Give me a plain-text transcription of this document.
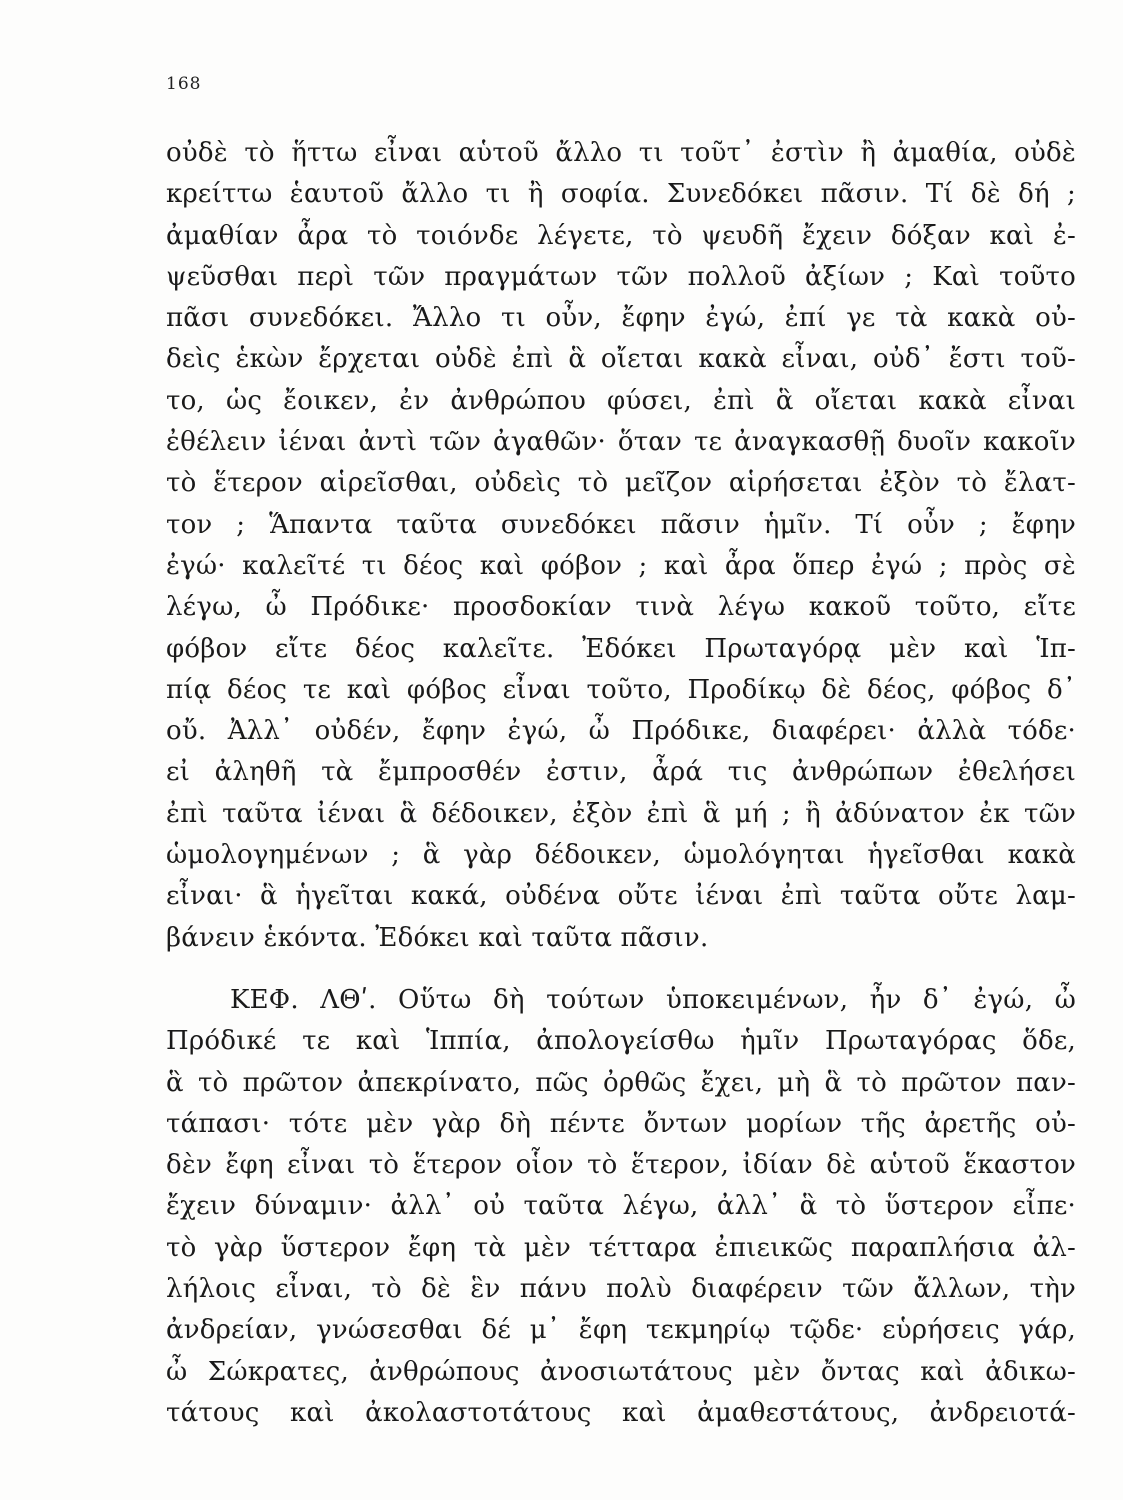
168
οὐδὲ τὸ ἥττω εἶναι αὑτοῦ ἄλλο τι τοῦτ᾽ ἐστὶν ἢ ἀμαθία, οὐδὲ
κρείττω ἑαυτοῦ ἄλλο τι ἢ σοφία. Συνεδόκει πᾶσιν. Τί δὲ δή ;
ἀμαθίαν ἆρα τὸ τοιόνδε λέγετε, τὸ ψευδῆ ἔχειν δόξαν καὶ ἐ-
ψεῦσθαι περὶ τῶν πραγμάτων τῶν πολλοῦ ἀξίων ; Καὶ τοῦτο
πᾶσι συνεδόκει. Ἄλλο τι οὖν, ἔφην ἐγώ, ἐπί γε τὰ κακὰ οὐ-
δεὶς ἑκὼν ἔρχεται οὐδὲ ἐπὶ ἃ οἴεται κακὰ εἶναι, οὐδ᾽ ἔστι τοῦ-
το, ὡς ἔοικεν, ἐν ἀνθρώπου φύσει, ἐπὶ ἃ οἴεται κακὰ εἶναι
ἐθέλειν ἰέναι ἀντὶ τῶν ἀγαθῶν· ὅταν τε ἀναγκασθῇ δυοῖν κακοῖν
τὸ ἕτερον αἱρεῖσθαι, οὐδεὶς τὸ μεῖζον αἱρήσεται ἐξὸν τὸ ἔλατ-
τον ; Ἅπαντα ταῦτα συνεδόκει πᾶσιν ἡμῖν. Τί οὖν ; ἔφην
ἐγώ· καλεῖτέ τι δέος καὶ φόβον ; καὶ ἆρα ὅπερ ἐγώ ; πρὸς σὲ
λέγω, ὦ Πρόδικε· προσδοκίαν τινὰ λέγω κακοῦ τοῦτο, εἴτε
φόβον εἴτε δέος καλεῖτε. Ἐδόκει Πρωταγόρᾳ μὲν καὶ Ἱπ-
πίᾳ δέος τε καὶ φόβος εἶναι τοῦτο, Προδίκῳ δὲ δέος, φόβος δ᾽
οὔ. Ἀλλ᾽ οὐδέν, ἔφην ἐγώ, ὦ Πρόδικε, διαφέρει· ἀλλὰ τόδε·
εἰ ἀληθῆ τὰ ἔμπροσθέν ἐστιν, ἆρά τις ἀνθρώπων ἐθελήσει
ἐπὶ ταῦτα ἰέναι ἃ δέδοικεν, ἐξὸν ἐπὶ ἃ μή ; ἢ ἀδύνατον ἐκ τῶν
ὡμολογημένων ; ἃ γὰρ δέδοικεν, ὡμολόγηται ἡγεῖσθαι κακὰ
εἶναι· ἃ ἡγεῖται κακά, οὐδένα οὔτε ἰέναι ἐπὶ ταῦτα οὔτε λαμ-
βάνειν ἑκόντα. Ἐδόκει καὶ ταῦτα πᾶσιν.
ΚΕΦ. ΛΘʹ. Οὕτω δὴ τούτων ὑποκειμένων, ἦν δ᾽ ἐγώ, ὦ
Πρόδικέ τε καὶ Ἱππία, ἀπολογείσθω ἡμῖν Πρωταγόρας ὅδε,
ἃ τὸ πρῶτον ἀπεκρίνατο, πῶς ὀρθῶς ἔχει, μὴ ἃ τὸ πρῶτον παν-
τάπασι· τότε μὲν γὰρ δὴ πέντε ὄντων μορίων τῆς ἀρετῆς οὐ-
δὲν ἔφη εἶναι τὸ ἕτερον οἷον τὸ ἕτερον, ἰδίαν δὲ αὑτοῦ ἕκαστον
ἔχειν δύναμιν· ἀλλ᾽ οὐ ταῦτα λέγω, ἀλλ᾽ ἃ τὸ ὕστερον εἶπε·
τὸ γὰρ ὕστερον ἔφη τὰ μὲν τέτταρα ἐπιεικῶς παραπλήσια ἀλ-
λήλοις εἶναι, τὸ δὲ ἓν πάνυ πολὺ διαφέρειν τῶν ἄλλων, τὴν
ἀνδρείαν, γνώσεσθαι δέ μ᾽ ἔφη τεκμηρίῳ τῷδε· εὑρήσεις γάρ,
ὦ Σώκρατες, ἀνθρώπους ἀνοσιωτάτους μὲν ὄντας καὶ ἀδικω-
τάτους καὶ ἀκολαστοτάτους καὶ ἀμαθεστάτους, ἀνδρειοτά-
